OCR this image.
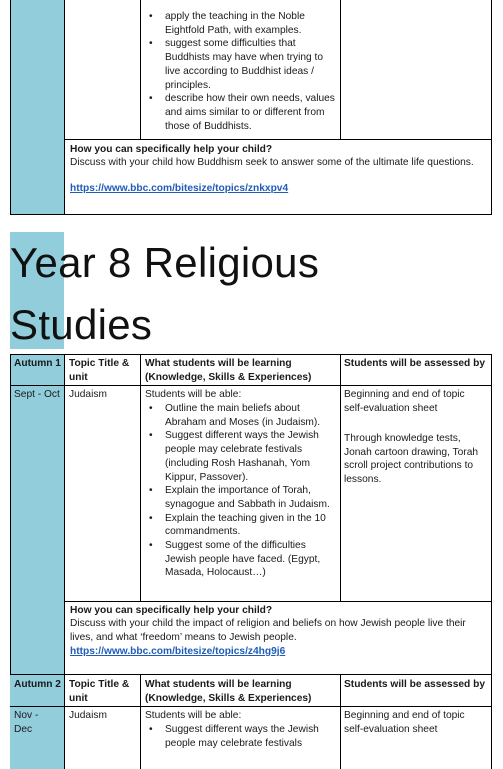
• apply the teaching in the Noble Eightfold Path, with examples.
• suggest some difficulties that Buddhists may have when trying to live according to Buddhist ideas / principles.
• describe how their own needs, values and aims similar to or different from those of Buddhists.
How you can specifically help your child?
Discuss with your child how Buddhism seek to answer some of the ultimate life questions.
https://www.bbc.com/bitesize/topics/znkxpv4
Year 8 Religious
Studies
Autumn 1 Topic Title & unit
What students will be learning (Knowledge, Skills & Experiences)
Students will be assessed by
Sept - Oct Judaism	Students will be able:
• Outline the main beliefs about Abraham and Moses (in Judaism).
• Suggest different ways the Jewish people may celebrate festivals (including Rosh Hashanah, Yom Kippur, Passover).
• Explain the importance of Torah, synagogue and Sabbath in Judaism.
• Explain the teaching given in the 10 commandments.
• Suggest some of the difficulties Jewish people have faced. (Egypt, Masada, Holocaust…)
Beginning and end of topic self-evaluation sheet
Through knowledge tests, Jonah cartoon drawing, Torah scroll project contributions to lessons.
How you can specifically help your child?
Discuss with your child the impact of religion and beliefs on how Jewish people live their lives, and what ‘freedom’ means to Jewish people.
https://www.bbc.com/bitesize/topics/z4hg9j6
Autumn 2 Topic Title & unit
What students will be learning (Knowledge, Skills & Experiences)
Students will be assessed by
Nov - Dec
Judaism	Students will be able:
• Suggest different ways the Jewish people may celebrate festivals
Beginning and end of topic self-evaluation sheet
